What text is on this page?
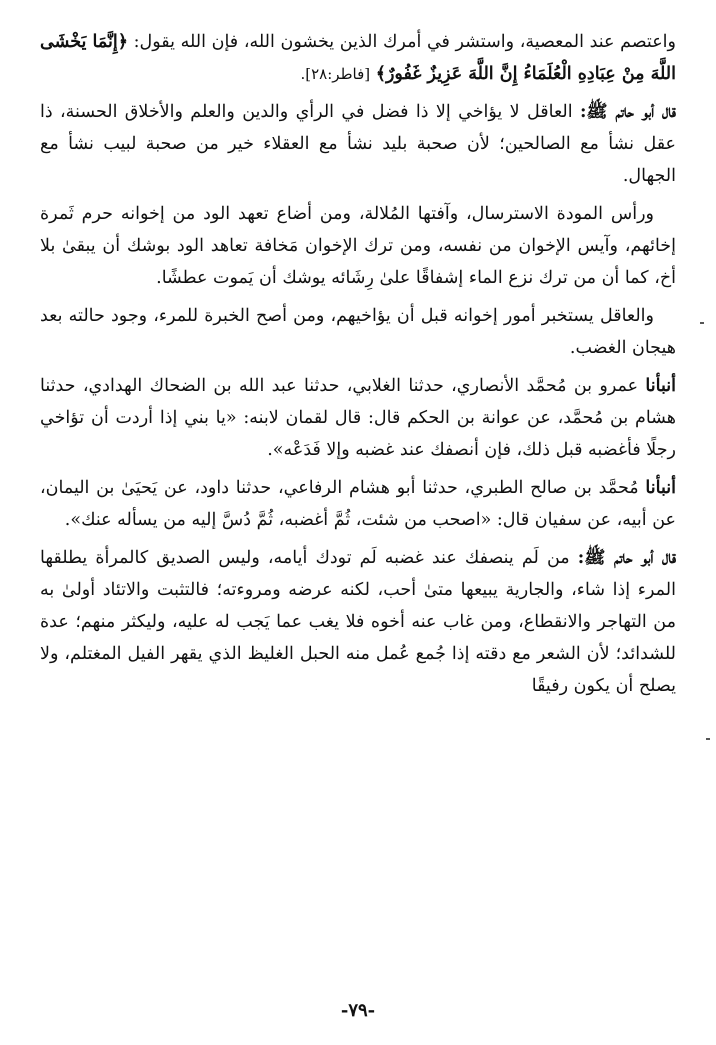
واعتصم عند المعصية، واستشر في أمرك الذين يخشون الله، فإن الله يقول: ﴿إِنَّمَا يَخْشَى اللَّهَ مِنْ عِبَادِهِ الْعُلَمَاءُ إِنَّ اللَّهَ عَزِيزٌ غَفُورٌ﴾ [فاطر:٢٨].

قال أبو حاتم ﷺ: العاقل لا يؤاخي إلا ذا فضل في الرأي والدين والعلم والأخلاق الحسنة، ذا عقل نشأ مع الصالحين؛ لأن صحبة بليد نشأ مع العقلاء خير من صحبة لبيب نشأ مع الجهال.

ورأس المودة الاسترسال، وآفتها المُلالة، ومن أضاع تعهد الود من إخوانه حرم ثَمرة إخائهم، وآيس الإخوان من نفسه، ومن ترك الإخوان مَخافة تعاهد الود بوشك أن يبقىٰ بلا أخ، كما أن من ترك نزع الماء إشفاقًا علىٰ رِشَائه يوشك أن يَموت عطشًا.

والعاقل يستخبر أمور إخوانه قبل أن يؤاخيهم، ومن أصح الخبرة للمرء، وجود حالته بعد هيجان الغضب.

أنبأنا عمرو بن مُحمَّد الأنصاري، حدثنا الغلابي، حدثنا عبد الله بن الضحاك الهدادي، حدثنا هشام بن مُحمَّد، عن عوانة بن الحكم قال: قال لقمان لابنه: «يا بني إذا أردت أن تؤاخي رجلًا فأغضبه قبل ذلك، فإن أنصفك عند غضبه وإلا فَدَعْه».

أنبأنا مُحمَّد بن صالح الطبري، حدثنا أبو هشام الرفاعي، حدثنا داود، عن يَحيَىٰ بن اليمان، عن أبيه، عن سفيان قال: «اصحب من شئت، ثُمَّ أغضبه، ثُمَّ دُسَّ إليه من يسأله عنك».

قال أبو حاتم ﷺ: من لَم ينصفك عند غضبه لَم تودك أيامه، وليس الصديق كالمرأة يطلقها المرء إذا شاء، والجارية يبيعها متىٰ أحب، لكنه عرضه ومروءته؛ فالتثبت والاتئاد أولىٰ به من التهاجر والانقطاع، ومن غاب عنه أخوه فلا يغب عما يَجب له عليه، وليكثر منهم؛ عدة للشدائد؛ لأن الشعر مع دقته إذا جُمع عُمل منه الحبل الغليظ الذي يقهر الفيل المغتلم، ولا يصلح أن يكون رفيقًا

-٧٩-
